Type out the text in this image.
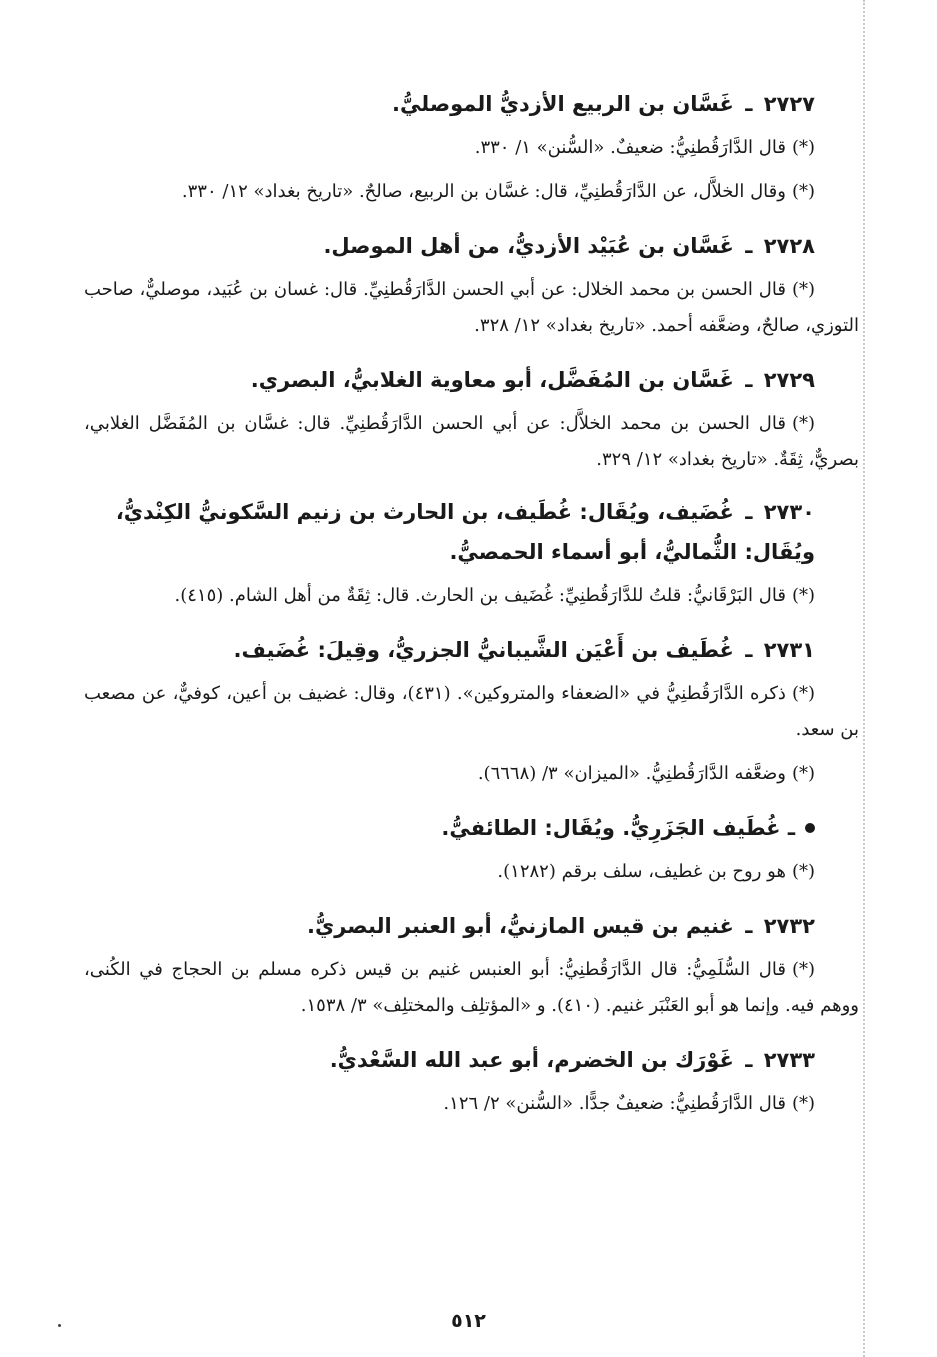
٢٧٢٧ ـ غَسَّان بن الربيع الأزديُّ الموصليُّ.

(*)قال الدَّارَقُطنِيُّ: ضعيفٌ. «السُّنن» ١/ ٣٣٠.

(*)وقال الخلاَّل، عن الدَّارَقُطنِيِّ، قال: غسَّان بن الربيع، صالحٌ. «تاريخ بغداد» ١٢/ ٣٣٠.

٢٧٢٨ ـ غَسَّان بن عُبَيْد الأزديُّ، من أهل الموصل.

(*)قال الحسن بن محمد الخلال: عن أبي الحسن الدَّارَقُطنِيِّ. قال: غسان بن عُبَيد، موصليٌّ، صاحب التوزي، صالحٌ، وضعَّفه أحمد. «تاريخ بغداد» ١٢/ ٣٢٨.

٢٧٢٩ ـ غَسَّان بن المُفَضَّل، أبو معاوية الغلابيُّ، البصري.

(*)قال الحسن بن محمد الخلاَّل: عن أبي الحسن الدَّارَقُطنِيِّ. قال: غسَّان بن المُفَضَّل الغلابي، بصريٌّ، ثِقَةٌ. «تاريخ بغداد» ١٢/ ٣٢٩.

٢٧٣٠ ـ غُضَيف، ويُقَال: غُطَيف، بن الحارث بن زنيم السَّكونيُّ الكِنْديُّ، ويُقَال: الثُّماليُّ، أبو أسماء الحمصيُّ.

(*)قال البَرْقَانيُّ: قلتُ للدَّارَقُطنِيِّ: غُضَيف بن الحارث. قال: ثِقَةٌ من أهل الشام. (٤١٥).

٢٧٣١ ـ غُطَيف بن أَعْيَن الشَّيبانيُّ الجزريُّ، وقِيلَ: غُضَيف.

(*)ذكره الدَّارَقُطنِيُّ في «الضعفاء والمتروكين». (٤٣١)، وقال: غضيف بن أعين، كوفيٌّ، عن مصعب بن سعد.

(*)وضعَّفه الدَّارَقُطنِيُّ. «الميزان» ٣/ (٦٦٦٨).

ـ غُطَيف الجَزَرِيُّ. ويُقَال: الطائفيُّ.

(*)هو روح بن غطيف، سلف برقم (١٢٨٢).

٢٧٣٢ ـ غنيم بن قيس المازنيُّ، أبو العنبر البصريُّ.

(*)قال السُّلَمِيُّ: قال الدَّارَقُطنِيُّ: أبو العنبس غنيم بن قيس ذكره مسلم بن الحجاج في الكُنى، ووهم فيه. وإنما هو أبو العَنْبَر غنيم. (٤١٠). و «المؤتلِف والمختلِف» ٣/ ١٥٣٨.

٢٧٣٣ ـ غَوْرَك بن الخضرم، أبو عبد الله السَّعْديُّ.

(*)قال الدَّارَقُطنِيُّ: ضعيفٌ جدًّا. «السُّنن» ٢/ ١٢٦.

٥١٢
